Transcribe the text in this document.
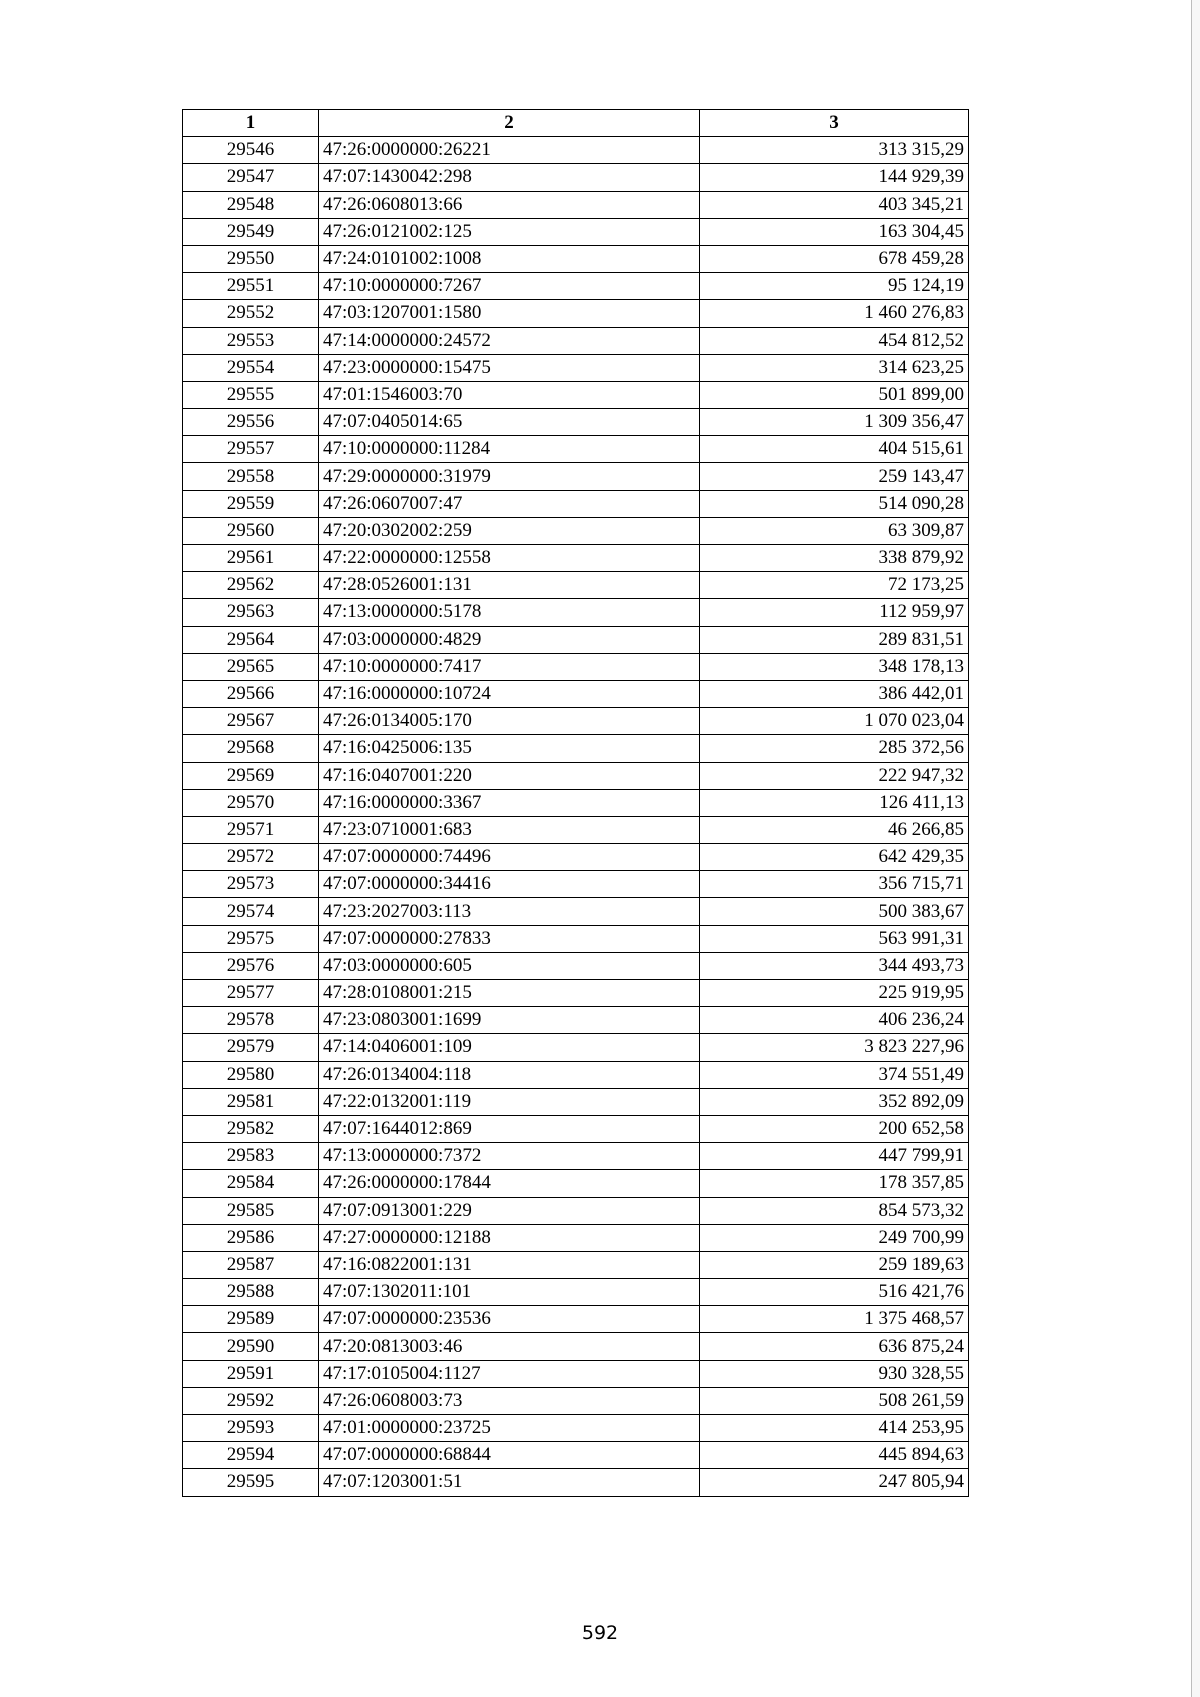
1	2	3
29546	47:26:0000000:26221	313 315,29
29547	47:07:1430042:298	144 929,39
29548	47:26:0608013:66	403 345,21
29549	47:26:0121002:125	163 304,45
29550	47:24:0101002:1008	678 459,28
29551	47:10:0000000:7267	95 124,19
29552	47:03:1207001:1580	1 460 276,83
29553	47:14:0000000:24572	454 812,52
29554	47:23:0000000:15475	314 623,25
29555	47:01:1546003:70	501 899,00
29556	47:07:0405014:65	1 309 356,47
29557	47:10:0000000:11284	404 515,61
29558	47:29:0000000:31979	259 143,47
29559	47:26:0607007:47	514 090,28
29560	47:20:0302002:259	63 309,87
29561	47:22:0000000:12558	338 879,92
29562	47:28:0526001:131	72 173,25
29563	47:13:0000000:5178	112 959,97
29564	47:03:0000000:4829	289 831,51
29565	47:10:0000000:7417	348 178,13
29566	47:16:0000000:10724	386 442,01
29567	47:26:0134005:170	1 070 023,04
29568	47:16:0425006:135	285 372,56
29569	47:16:0407001:220	222 947,32
29570	47:16:0000000:3367	126 411,13
29571	47:23:0710001:683	46 266,85
29572	47:07:0000000:74496	642 429,35
29573	47:07:0000000:34416	356 715,71
29574	47:23:2027003:113	500 383,67
29575	47:07:0000000:27833	563 991,31
29576	47:03:0000000:605	344 493,73
29577	47:28:0108001:215	225 919,95
29578	47:23:0803001:1699	406 236,24
29579	47:14:0406001:109	3 823 227,96
29580	47:26:0134004:118	374 551,49
29581	47:22:0132001:119	352 892,09
29582	47:07:1644012:869	200 652,58
29583	47:13:0000000:7372	447 799,91
29584	47:26:0000000:17844	178 357,85
29585	47:07:0913001:229	854 573,32
29586	47:27:0000000:12188	249 700,99
29587	47:16:0822001:131	259 189,63
29588	47:07:1302011:101	516 421,76
29589	47:07:0000000:23536	1 375 468,57
29590	47:20:0813003:46	636 875,24
29591	47:17:0105004:1127	930 328,55
29592	47:26:0608003:73	508 261,59
29593	47:01:0000000:23725	414 253,95
29594	47:07:0000000:68844	445 894,63
29595	47:07:1203001:51	247 805,94
592
